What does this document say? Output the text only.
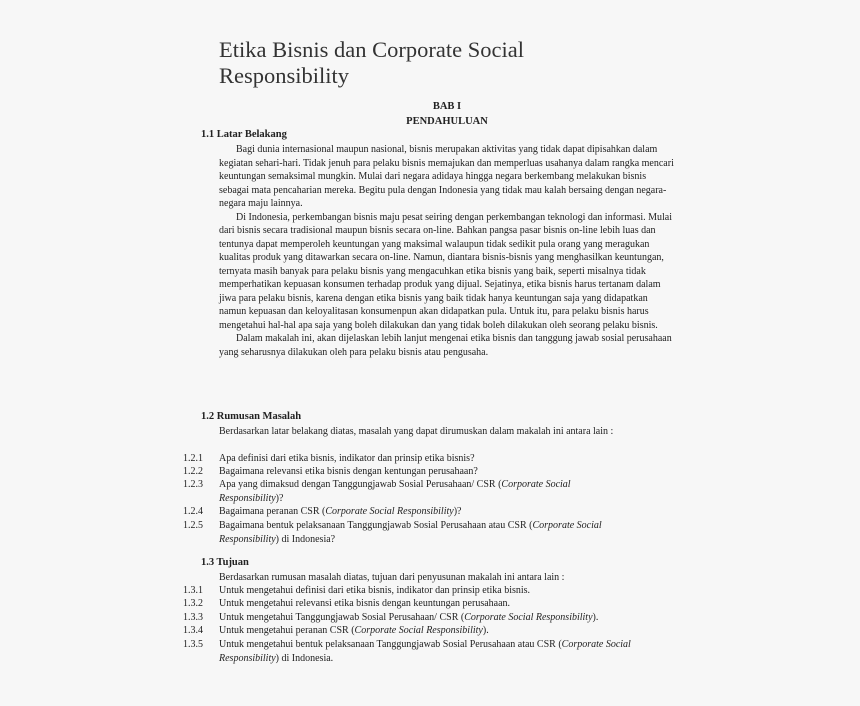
Etika Bisnis dan Corporate Social Responsibility
BAB I
PENDAHULUAN
1.1 Latar Belakang

Bagi dunia internasional maupun nasional, bisnis merupakan aktivitas yang tidak dapat dipisahkan dalam kegiatan sehari-hari. Tidak jenuh para pelaku bisnis memajukan dan memperluas usahanya dalam rangka mencari keuntungan semaksimal mungkin. Mulai dari negara adidaya hingga negara berkembang melakukan bisnis sebagai mata pencaharian mereka. Begitu pula dengan Indonesia yang tidak mau kalah bersaing dengan negara-negara maju lainnya.

Di Indonesia, perkembangan bisnis maju pesat seiring dengan perkembangan teknologi dan informasi. Mulai dari bisnis secara tradisional maupun bisnis secara on-line. Bahkan pangsa pasar bisnis on-line lebih luas dan tentunya dapat memperoleh keuntungan yang maksimal walaupun tidak sedikit pula orang yang meragukan kualitas produk yang ditawarkan secara on-line. Namun, diantara bisnis-bisnis yang menghasilkan keuntungan, ternyata masih banyak para pelaku bisnis yang mengacuhkan etika bisnis yang baik, seperti misalnya tidak memperhatikan kepuasan konsumen terhadap produk yang dijual. Sejatinya, etika bisnis harus tertanam dalam jiwa para pelaku bisnis, karena dengan etika bisnis yang baik tidak hanya keuntungan saja yang didapatkan namun kepuasan dan keloyalitasan konsumenpun akan didapatkan pula. Untuk itu, para pelaku bisnis harus mengetahui hal-hal apa saja yang boleh dilakukan dan yang tidak boleh dilakukan oleh seorang pelaku bisnis.

Dalam makalah ini, akan dijelaskan lebih lanjut mengenai etika bisnis dan tanggung jawab sosial perusahaan yang seharusnya dilakukan oleh para pelaku bisnis atau pengusaha.

1.2 Rumusan Masalah
Berdasarkan latar belakang diatas, masalah yang dapat dirumuskan dalam makalah ini antara lain :
1.2.1 Apa definisi dari etika bisnis, indikator dan prinsip etika bisnis?
1.2.2 Bagaimana relevansi etika bisnis dengan kentungan perusahaan?
1.2.3 Apa yang dimaksud dengan Tanggungjawab Sosial Perusahaan/ CSR (Corporate Social Responsibility)?
1.2.4 Bagaimana peranan CSR (Corporate Social Responsibility)?
1.2.5 Bagaimana bentuk pelaksanaan Tanggungjawab Sosial Perusahaan atau CSR (Corporate Social Responsibility) di Indonesia?
1.3 Tujuan
Berdasarkan rumusan masalah diatas, tujuan dari penyusunan makalah ini antara lain :
1.3.1 Untuk mengetahui definisi dari etika bisnis, indikator dan prinsip etika bisnis.
1.3.2 Untuk mengetahui relevansi etika bisnis dengan keuntungan perusahaan.
1.3.3 Untuk mengetahui Tanggungjawab Sosial Perusahaan/ CSR (Corporate Social Responsibility).
1.3.4 Untuk mengetahui peranan CSR (Corporate Social Responsibility).
1.3.5 Untuk mengetahui bentuk pelaksanaan Tanggungjawab Sosial Perusahaan atau CSR (Corporate Social Responsibility) di Indonesia.
